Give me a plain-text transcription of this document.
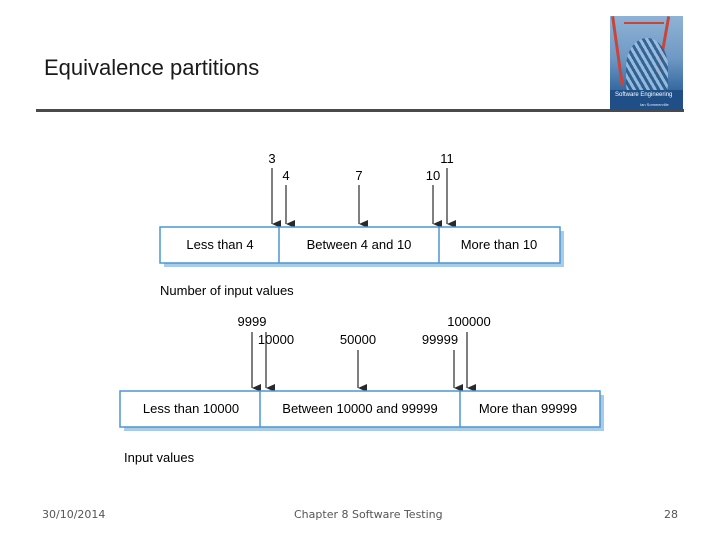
Equivalence partitions
Software Engineering
Ian Sommerville
3	11
4	7	10
Less than 4	Between 4 and 10	More than 10
Number of input values
9999	100000
10000	50000	99999
Less than 10000	Between 10000 and 99999	More than 99999
Input values
30/10/2014	Chapter 8 Software Testing	28
